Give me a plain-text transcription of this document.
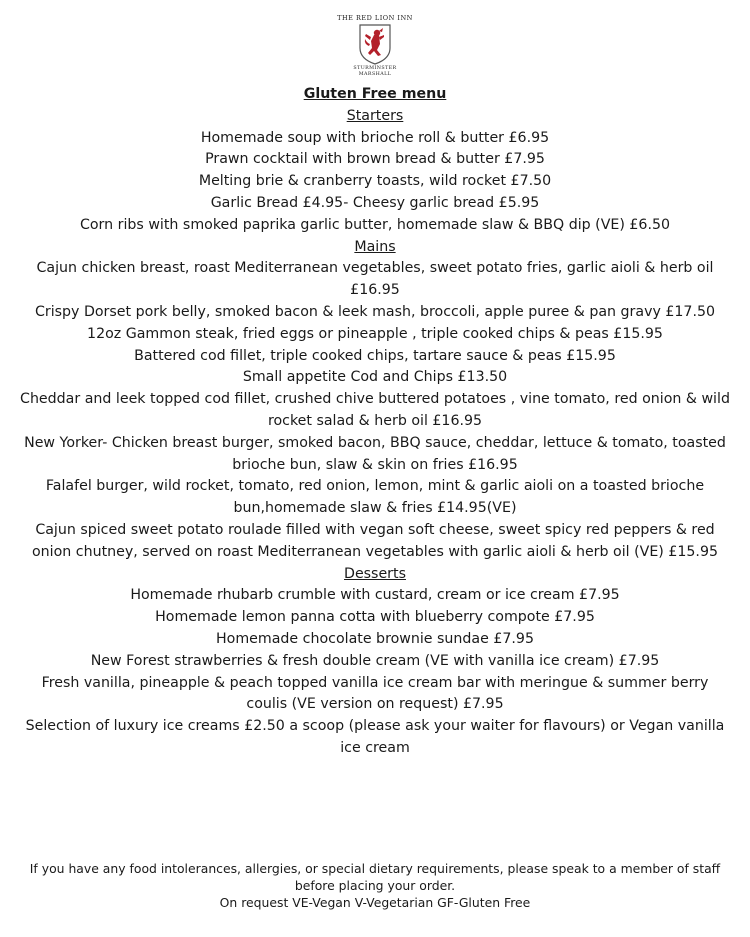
THE RED LION INN
STURMINSTER
MARSHALL
Gluten Free menu
Starters
Homemade soup with brioche roll & butter £6.95
Prawn cocktail with brown bread & butter £7.95
Melting brie & cranberry toasts, wild rocket £7.50
Garlic Bread £4.95- Cheesy garlic bread £5.95
Corn ribs with smoked paprika garlic butter, homemade slaw & BBQ dip (VE) £6.50
Mains
Cajun chicken breast, roast Mediterranean vegetables, sweet potato fries, garlic aioli & herb oil £16.95
Crispy Dorset pork belly, smoked bacon & leek mash, broccoli, apple puree & pan gravy £17.50
12oz Gammon steak, fried eggs or pineapple , triple cooked chips & peas £15.95
Battered cod fillet, triple cooked chips, tartare sauce & peas £15.95
Small appetite Cod and Chips £13.50
Cheddar and leek topped cod fillet, crushed chive buttered potatoes , vine tomato, red onion & wild rocket salad & herb oil £16.95
New Yorker- Chicken breast burger, smoked bacon, BBQ sauce, cheddar, lettuce & tomato, toasted brioche bun, slaw & skin on fries £16.95
Falafel burger, wild rocket, tomato, red onion, lemon, mint & garlic aioli on a toasted brioche bun,homemade slaw & fries £14.95(VE)
Cajun spiced sweet potato roulade filled with vegan soft cheese, sweet spicy red peppers & red onion chutney, served on roast Mediterranean vegetables with garlic aioli & herb oil (VE) £15.95
Desserts
Homemade rhubarb crumble with custard, cream or ice cream £7.95
Homemade lemon panna cotta with blueberry compote £7.95
Homemade chocolate brownie sundae £7.95
New Forest strawberries & fresh double cream (VE with vanilla ice cream) £7.95
Fresh vanilla, pineapple & peach topped vanilla ice cream bar with meringue & summer berry coulis (VE version on request) £7.95
Selection of luxury ice creams £2.50 a scoop (please ask your waiter for flavours) or Vegan vanilla ice cream
If you have any food intolerances, allergies, or special dietary requirements, please speak to a member of staff before placing your order.
On request VE-Vegan V-Vegetarian GF-Gluten Free
